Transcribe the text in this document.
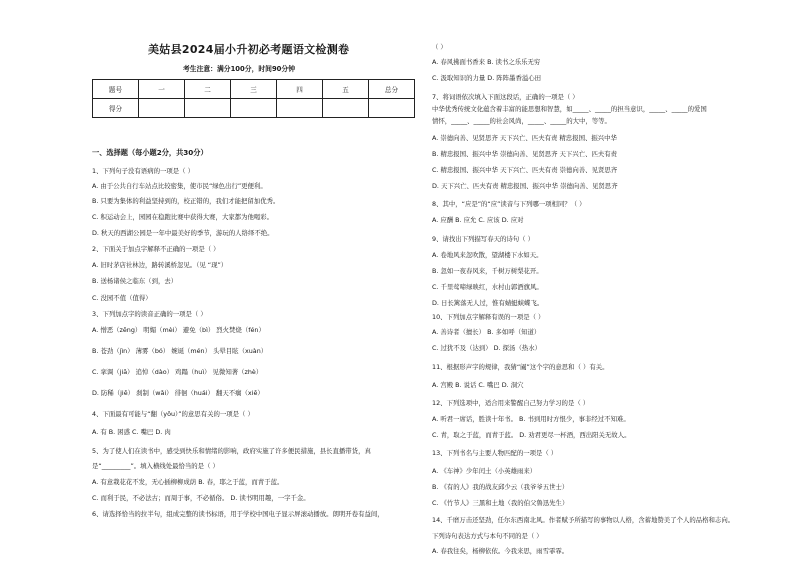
美姑县2024届小升初必考题语文检测卷
考生注意：满分100分，时间90分钟
题号	一	二	三	四	五	总分
得分						
一、选择题（每小题2分，共30分）
1、下列句子没有语病的一项是（ ）
A. 由于公共自行车站点比较密集，使市民“绿色出行”更便利。
B. 只要为集体的利益坚持到的，校正错的，我们才能把留加优秀。
C. 积运动会上，园园在稳跑比赛中获得大赛，大家都为他喝彩。
D. 秋天的西湖公园是一年中最美好的季节，游玩的人络绎不绝。
2、下面关于加点字解释不正确的一项是（ ）
A. 旧时茅店社林边，路转溪桥忽见。（见 “现”）
B. 送杨诸侯之临东（到，去）
C. 没园不值（值得）
3、下列加点字的读音正确的一项是（ ）
A. 憎恶（zēng） 明媚（mèi） 避免（bì） 烈火焚烧（fén）
B. 苍劲（jìn） 薄雾（bó） 婉诞（mén） 头晕目眩（xuàn）
C. 挛调（jiā） 追悼（dào） 鸡蹋（huì） 见微知著（zhè）
D. 防稀（jiē） 刹制（wǎi） 徘徊（huái） 翻天不瘸（xiē）
4、下面最有可能与“翻（yōu）”的意思有关的一项是（ ）
A. 有 B. 困惑 C. 嘴巴 D. 肉
5、为了使人们在读书中，感受到快乐和情绪的影响，政府实施了许多便民措施，县长直播带货，真
是“_________”。填入横线处最恰当的是（ ）
A. 有意栽花花不发，无心插柳柳成荫 B. 春，耶之于蓝，而青于蓝。
C. 而利于民，不必法古；而周于事，不必循俗。 D. 读书明用趣，一字千金。
6、请选择恰当的拉半句，组成完整的读书标语，用于学校中国电子显示屏滚动播放。朗明开卷有益间，
（ ）
A. 春风拂面书香来 B. 读书之乐乐无穷
C. 汲取知识的力量 D. 阵阵墨香溢心田
7、将词语依次填入下面这段话，正确的一项是（ ）
中华优秀传统文化蕴含着丰富的能思想和智慧，如_____、_____的担当意识，_____、_____的爱国
情怀，_____、_____的社会风尚，_____、_____的大中，等等。
A. 崇德向善、见贤思齐 天下兴亡、匹夫有责 精忠报国、振兴中华
B. 精忠报国、振兴中华 崇德向善、见贤思齐 天下兴亡、匹夫有责
C. 精忠报国、振兴中华 天下兴亡、匹夫有责 崇德向善、见贤思齐
D. 天下兴亡、匹夫有责 精忠报国、振兴中华 崇德向善、见贤思齐
8、其中，“应是”的“应”读音与下列哪一项相同？（ ）
A. 应酬 B. 应允 C. 应该 D. 应对
9、请找出下列描写春天的诗句（ ）
A. 卷地风来忽吹散，望湖楼下水如天。
B. 忽如一夜春风来，千树万树梨花开。
C. 千里莺啼绿映红，水村山郭酒旗风。
D. 日长篱落无人过，惟有蜻蜓蛱蝶飞。
10、下列加点字解释有误的一项是（ ）
A. 善诗者（擅长） B. 多如呼（知道）
C. 过犹不及（达到） D. 探汤（热水）
11、根据形声字的规律，我猜“阖”这个字的意思和（ ）有关。
A. 宫殿 B. 说话 C. 嘴巴 D. 洞穴
12、下列选项中，适合用来警醒自己努力学习的是（ ）
A. 听君一席话，胜读十年书。 B. 书到用时方恨少，事非经过不知难。
C. 青，取之于蓝，而青于蓝。 D. 劝君更尽一杯酒，西出阳关无故人。
13、下列书名与主要人物匹配的一项是（ ）
A. 《车神》少年闰土（小英雄雨来）
B. 《有的人》我的战友邱少云（我爷爷五世士）
C. 《竹节人》三黑和土地（我的伯父鲁迅先生）
14、千磨万击还坚劲，任尔东西南北风。作者赋予所描写的事物以人格，含蓄地赞美了个人的品格和志向。
下列诗句表达方式与本句不同的是（ ）
A. 春我往矣，杨柳依依。今我来思，雨雪霏霏。
